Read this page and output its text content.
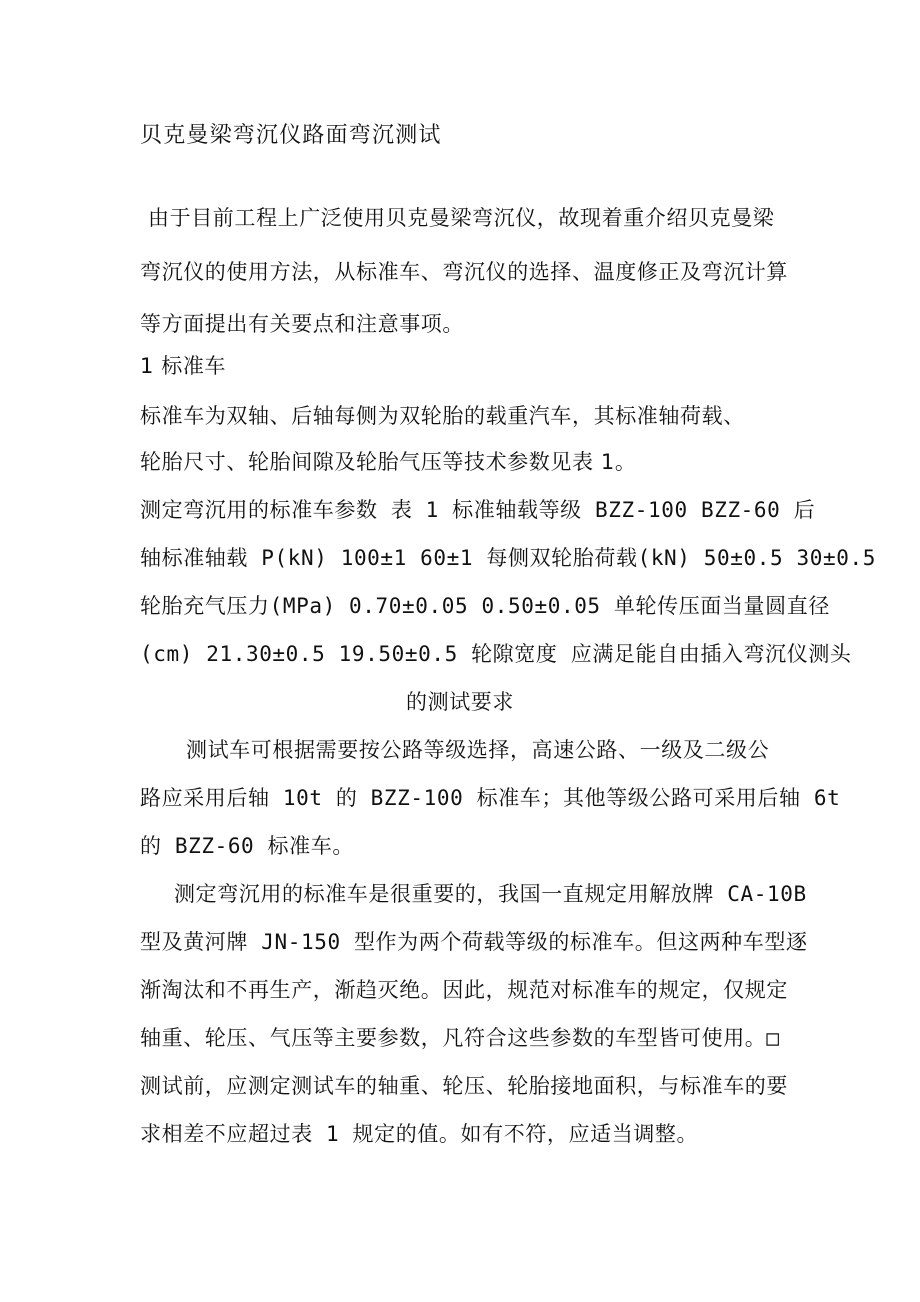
贝克曼梁弯沉仪路面弯沉测试
由于目前工程上广泛使用贝克曼梁弯沉仪，故现着重介绍贝克曼梁
弯沉仪的使用方法，从标准车、弯沉仪的选择、温度修正及弯沉计算
等方面提出有关要点和注意事项。
1 标准车
标准车为双轴、后轴每侧为双轮胎的载重汽车，其标准轴荷载、
轮胎尺寸、轮胎间隙及轮胎气压等技术参数见表 1。
测定弯沉用的标准车参数 表 1 标准轴载等级 BZZ-100 BZZ-60 后
轴标准轴载 P(kN) 100±1 60±1 每侧双轮胎荷载(kN) 50±0.5 30±0.5
轮胎充气压力(MPa) 0.70±0.05 0.50±0.05 单轮传压面当量圆直径
(cm) 21.30±0.5 19.50±0.5 轮隙宽度 应满足能自由插入弯沉仪测头
的测试要求
测试车可根据需要按公路等级选择，高速公路、一级及二级公
路应采用后轴 10t 的 BZZ-100 标准车；其他等级公路可采用后轴 6t
的 BZZ-60 标准车。
测定弯沉用的标准车是很重要的，我国一直规定用解放牌 CA-10B
型及黄河牌 JN-150 型作为两个荷载等级的标准车。但这两种车型逐
渐淘汰和不再生产，渐趋灭绝。因此，规范对标准车的规定，仅规定
轴重、轮压、气压等主要参数，凡符合这些参数的车型皆可使用。□
测试前，应测定测试车的轴重、轮压、轮胎接地面积，与标准车的要
求相差不应超过表 1 规定的值。如有不符，应适当调整。
